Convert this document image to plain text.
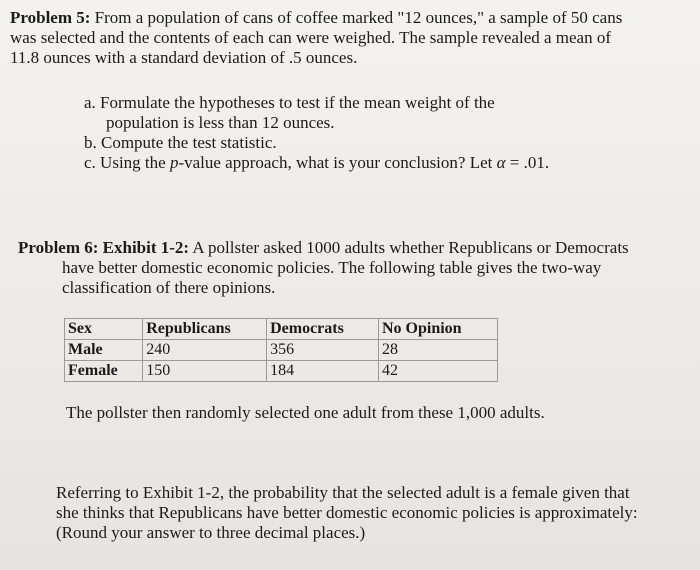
Problem 5: From a population of cans of coffee marked "12 ounces," a sample of 50 cans
was selected and the contents of each can were weighed. The sample revealed a mean of
11.8 ounces with a standard deviation of .5 ounces.
a. Formulate the hypotheses to test if the mean weight of the
population is less than 12 ounces.
b. Compute the test statistic.
c. Using the p-value approach, what is your conclusion? Let α = .01.
Problem 6: Exhibit 1-2: A pollster asked 1000 adults whether Republicans or Democrats
have better domestic economic policies. The following table gives the two-way
classification of there opinions.
Sex	Republicans	Democrats	No Opinion
Male	240	356	28
Female	150	184	42
The pollster then randomly selected one adult from these 1,000 adults.
Referring to Exhibit 1-2, the probability that the selected adult is a female given that
she thinks that Republicans have better domestic economic policies is approximately:
(Round your answer to three decimal places.)
